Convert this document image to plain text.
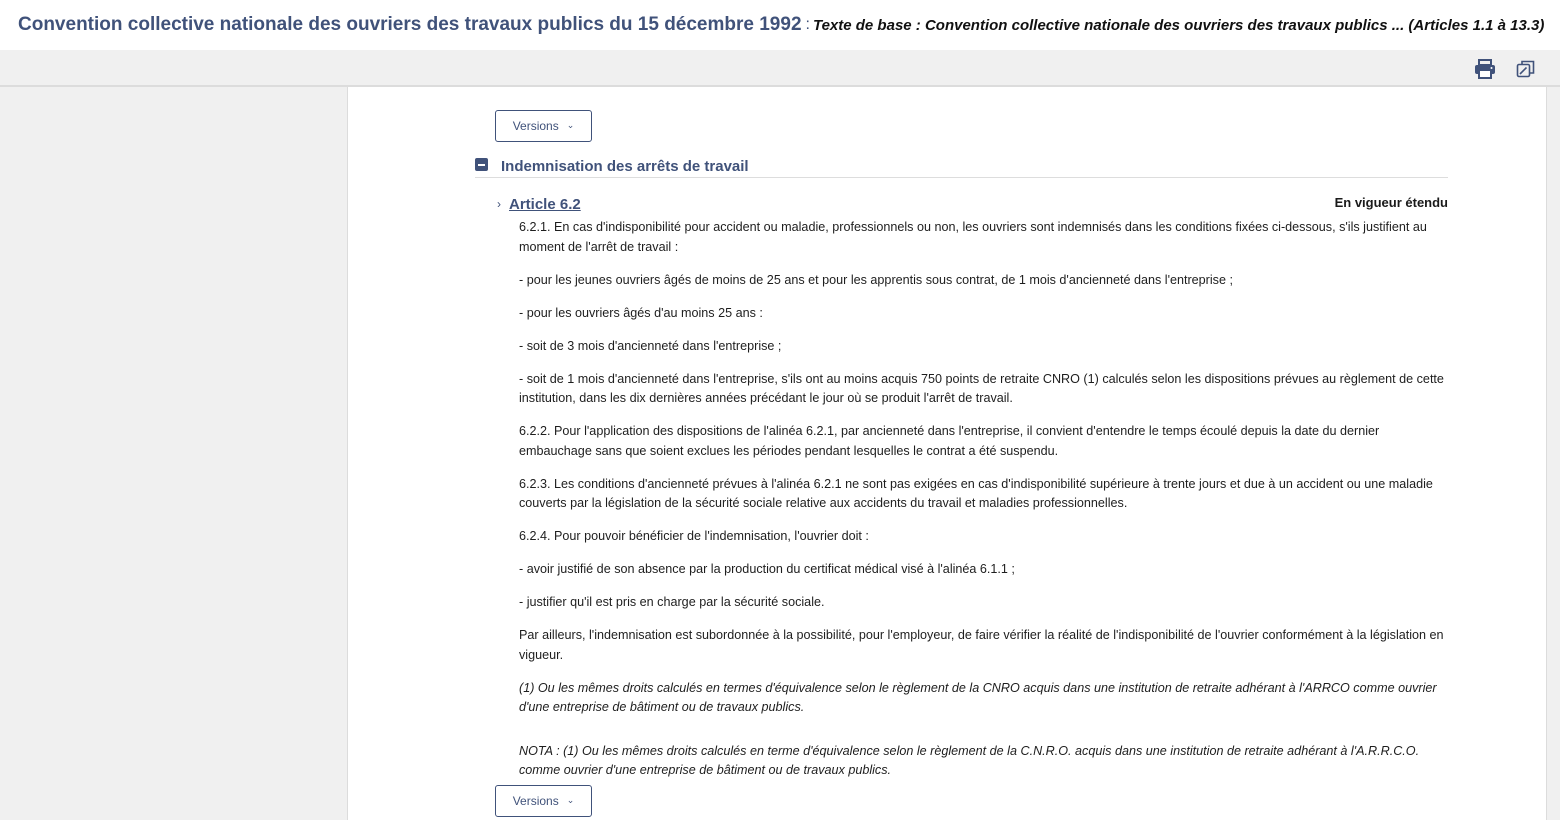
Convention collective nationale des ouvriers des travaux publics du 15 décembre 1992 : Texte de base : Convention collective nationale des ouvriers des travaux publics ... (Articles 1.1 à 13.3)
Versions ⌄
Indemnisation des arrêts de travail
› Article 6.2	En vigueur étendu

6.2.1. En cas d'indisponibilité pour accident ou maladie, professionnels ou non, les ouvriers sont indemnisés dans les conditions fixées ci-dessous, s'ils justifient au moment de l'arrêt de travail :

- pour les jeunes ouvriers âgés de moins de 25 ans et pour les apprentis sous contrat, de 1 mois d'ancienneté dans l'entreprise ;

- pour les ouvriers âgés d'au moins 25 ans :

- soit de 3 mois d'ancienneté dans l'entreprise ;

- soit de 1 mois d'ancienneté dans l'entreprise, s'ils ont au moins acquis 750 points de retraite CNRO (1) calculés selon les dispositions prévues au règlement de cette institution, dans les dix dernières années précédant le jour où se produit l'arrêt de travail.

6.2.2. Pour l'application des dispositions de l'alinéa 6.2.1, par ancienneté dans l'entreprise, il convient d'entendre le temps écoulé depuis la date du dernier embauchage sans que soient exclues les périodes pendant lesquelles le contrat a été suspendu.

6.2.3. Les conditions d'ancienneté prévues à l'alinéa 6.2.1 ne sont pas exigées en cas d'indisponibilité supérieure à trente jours et due à un accident ou une maladie couverts par la législation de la sécurité sociale relative aux accidents du travail et maladies professionnelles.

6.2.4. Pour pouvoir bénéficier de l'indemnisation, l'ouvrier doit :

- avoir justifié de son absence par la production du certificat médical visé à l'alinéa 6.1.1 ;

- justifier qu'il est pris en charge par la sécurité sociale.

Par ailleurs, l'indemnisation est subordonnée à la possibilité, pour l'employeur, de faire vérifier la réalité de l'indisponibilité de l'ouvrier conformément à la législation en vigueur.

(1) Ou les mêmes droits calculés en termes d'équivalence selon le règlement de la CNRO acquis dans une institution de retraite adhérant à l'ARRCO comme ouvrier d'une entreprise de bâtiment ou de travaux publics.

NOTA : (1) Ou les mêmes droits calculés en terme d'équivalence selon le règlement de la C.N.R.O. acquis dans une institution de retraite adhérant à l'A.R.R.C.O. comme ouvrier d'une entreprise de bâtiment ou de travaux publics.

Versions ⌄
